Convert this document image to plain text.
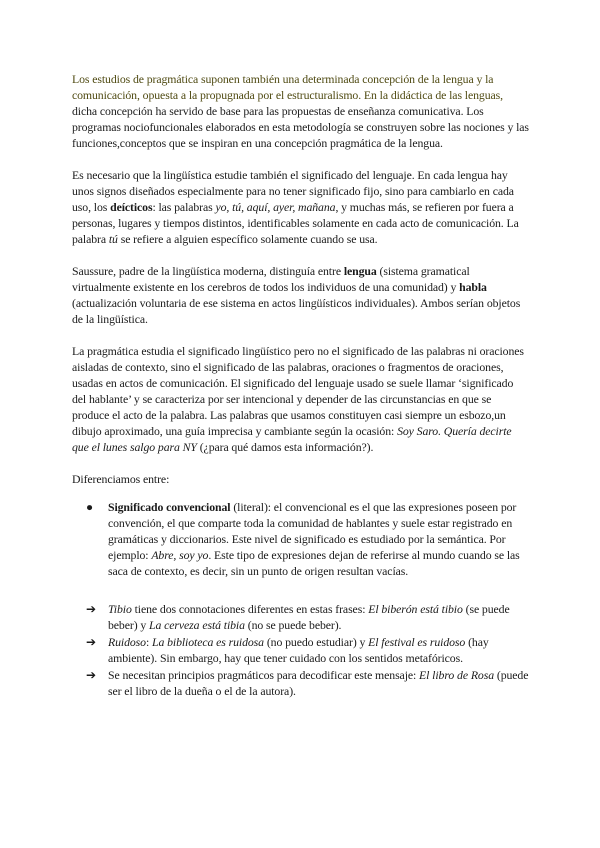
Los estudios de pragmática suponen también una determinada concepción de la lengua y la comunicación, opuesta a la propugnada por el estructuralismo. En la didáctica de las lenguas, dicha concepción ha servido de base para las propuestas de enseñanza comunicativa. Los programas nociofuncionales elaborados en esta metodología se construyen sobre las nociones y las funciones,conceptos que se inspiran en una concepción pragmática de la lengua.

Es necesario que la lingüística estudie también el significado del lenguaje. En cada lengua hay unos signos diseñados especialmente para no tener significado fijo, sino para cambiarlo en cada uso, los deícticos: las palabras yo, tú, aquí, ayer, mañana, y muchas más, se refieren por fuera a personas, lugares y tiempos distintos, identificables solamente en cada acto de comunicación. La palabra tú se refiere a alguien específico solamente cuando se usa.

Saussure, padre de la lingüística moderna, distinguía entre lengua (sistema gramatical virtualmente existente en los cerebros de todos los individuos de una comunidad) y habla (actualización voluntaria de ese sistema en actos lingüísticos individuales). Ambos serían objetos de la lingüística.

La pragmática estudia el significado lingüístico pero no el significado de las palabras ni oraciones aisladas de contexto, sino el significado de las palabras, oraciones o fragmentos de oraciones, usadas en actos de comunicación. El significado del lenguaje usado se suele llamar ‘significado del hablante’ y se caracteriza por ser intencional y depender de las circunstancias en que se produce el acto de la palabra. Las palabras que usamos constituyen casi siempre un esbozo,un dibujo aproximado, una guía imprecisa y cambiante según la ocasión: Soy Saro. Quería decirte que el lunes salgo para NY (¿para qué damos esta información?).

Diferenciamos entre:

● Significado convencional (literal): el convencional es el que las expresiones poseen por convención, el que comparte toda la comunidad de hablantes y suele estar registrado en gramáticas y diccionarios. Este nivel de significado es estudiado por la semántica. Por ejemplo: Abre, soy yo. Este tipo de expresiones dejan de referirse al mundo cuando se las saca de contexto, es decir, sin un punto de origen resultan vacías.
➔ Tibio tiene dos connotaciones diferentes en estas frases: El biberón está tibio (se puede beber) y La cerveza está tibia (no se puede beber).
➔ Ruidoso: La biblioteca es ruidosa (no puedo estudiar) y El festival es ruidoso (hay ambiente). Sin embargo, hay que tener cuidado con los sentidos metafóricos.
➔ Se necesitan principios pragmáticos para decodificar este mensaje: El libro de Rosa (puede ser el libro de la dueña o el de la autora).
